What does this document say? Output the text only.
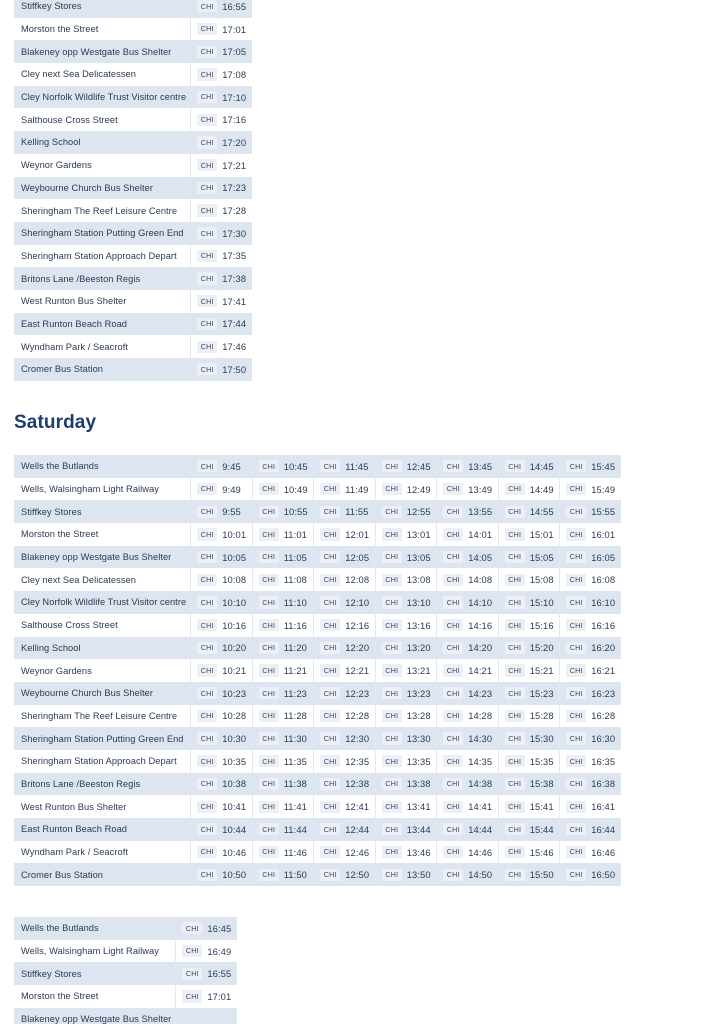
Stiffkey Stores	CHI 16:55

Morston the Street	CHI 17:01

Blakeney opp Westgate Bus Shelter	CHI 17:05

Cley next Sea Delicatessen	CHI 17:08

Cley Norfolk Wildlife Trust Visitor centre	CHI 17:10

Salthouse Cross Street	CHI 17:16

Kelling School	CHI 17:20

Weynor Gardens	CHI 17:21

Weybourne Church Bus Shelter	CHI 17:23

Sheringham The Reef Leisure Centre	CHI 17:28

Sheringham Station Putting Green End	CHI 17:30

Sheringham Station Approach Depart	CHI 17:35

Britons Lane /Beeston Regis	CHI 17:38

West Runton Bus Shelter	CHI 17:41

East Runton Beach Road	CHI 17:44

Wyndham Park / Seacroft	CHI 17:46

Cromer Bus Station	CHI 17:50
Saturday
Wells the Butlands	CHI 9:45	CHI 10:45	CHI 11:45	CHI 12:45	CHI 13:45	CHI 14:45	CHI 15:45

Wells, Walsingham Light Railway	CHI 9:49	CHI 10:49	CHI 11:49	CHI 12:49	CHI 13:49	CHI 14:49	CHI 15:49

Stiffkey Stores	CHI 9:55	CHI 10:55	CHI 11:55	CHI 12:55	CHI 13:55	CHI 14:55	CHI 15:55

Morston the Street	CHI 10:01	CHI 11:01	CHI 12:01	CHI 13:01	CHI 14:01	CHI 15:01	CHI 16:01

Blakeney opp Westgate Bus Shelter	CHI 10:05	CHI 11:05	CHI 12:05	CHI 13:05	CHI 14:05	CHI 15:05	CHI 16:05

Cley next Sea Delicatessen	CHI 10:08	CHI 11:08	CHI 12:08	CHI 13:08	CHI 14:08	CHI 15:08	CHI 16:08

Cley Norfolk Wildlife Trust Visitor centre	CHI 10:10	CHI 11:10	CHI 12:10	CHI 13:10	CHI 14:10	CHI 15:10	CHI 16:10

Salthouse Cross Street	CHI 10:16	CHI 11:16	CHI 12:16	CHI 13:16	CHI 14:16	CHI 15:16	CHI 16:16

Kelling School	CHI 10:20	CHI 11:20	CHI 12:20	CHI 13:20	CHI 14:20	CHI 15:20	CHI 16:20

Weynor Gardens	CHI 10:21	CHI 11:21	CHI 12:21	CHI 13:21	CHI 14:21	CHI 15:21	CHI 16:21

Weybourne Church Bus Shelter	CHI 10:23	CHI 11:23	CHI 12:23	CHI 13:23	CHI 14:23	CHI 15:23	CHI 16:23

Sheringham The Reef Leisure Centre	CHI 10:28	CHI 11:28	CHI 12:28	CHI 13:28	CHI 14:28	CHI 15:28	CHI 16:28

Sheringham Station Putting Green End	CHI 10:30	CHI 11:30	CHI 12:30	CHI 13:30	CHI 14:30	CHI 15:30	CHI 16:30

Sheringham Station Approach Depart	CHI 10:35	CHI 11:35	CHI 12:35	CHI 13:35	CHI 14:35	CHI 15:35	CHI 16:35

Britons Lane /Beeston Regis	CHI 10:38	CHI 11:38	CHI 12:38	CHI 13:38	CHI 14:38	CHI 15:38	CHI 16:38

West Runton Bus Shelter	CHI 10:41	CHI 11:41	CHI 12:41	CHI 13:41	CHI 14:41	CHI 15:41	CHI 16:41

East Runton Beach Road	CHI 10:44	CHI 11:44	CHI 12:44	CHI 13:44	CHI 14:44	CHI 15:44	CHI 16:44

Wyndham Park / Seacroft	CHI 10:46	CHI 11:46	CHI 12:46	CHI 13:46	CHI 14:46	CHI 15:46	CHI 16:46

Cromer Bus Station	CHI 10:50	CHI 11:50	CHI 12:50	CHI 13:50	CHI 14:50	CHI 15:50	CHI 16:50
Wells the Butlands	CHI 16:45

Wells, Walsingham Light Railway	CHI 16:49

Stiffkey Stores	CHI 16:55

Morston the Street	CHI 17:01

Blakeney opp Westgate Bus Shelter	
